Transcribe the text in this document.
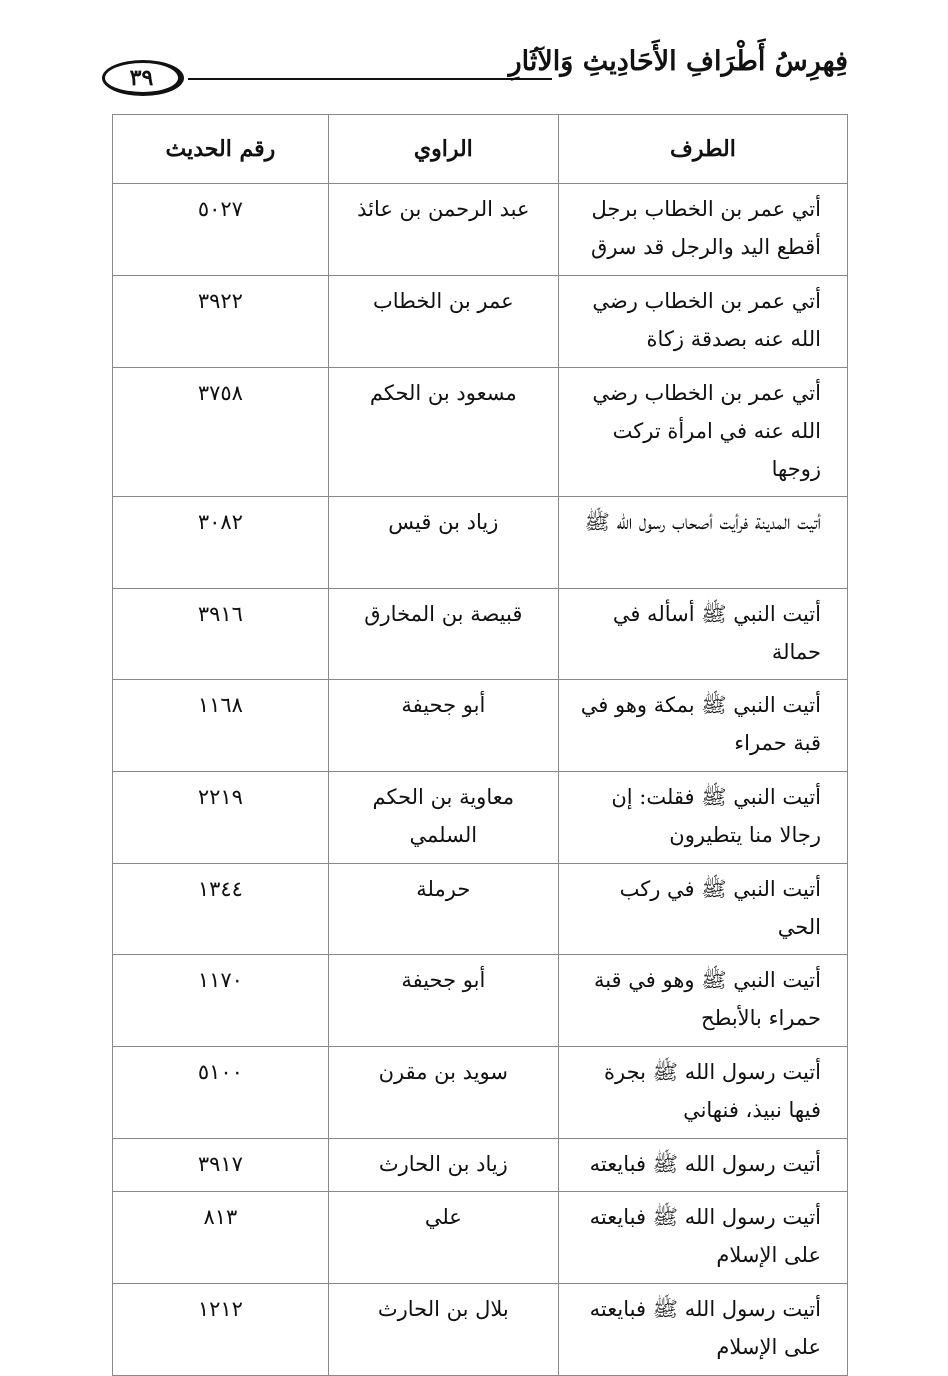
فِهرِسُ أَطْرَافِ الأَحَادِيثِ وَالآثَارِ
٣٩
الطرف	الراوي	رقم الحديث
أتي عمر بن الخطاب برجل أقطع اليد والرجل قد سرق	عبد الرحمن بن عائذ	٥٠٢٧
أتي عمر بن الخطاب رضي الله عنه بصدقة زكاة	عمر بن الخطاب	٣٩٢٢
أتي عمر بن الخطاب رضي الله عنه في امرأة تركت زوجها	مسعود بن الحكم	٣٧٥٨
أتيت المدينة فرأيت أصحاب رسول الله ﷺ	زياد بن قيس	٣٠٨٢
أتيت النبي ﷺ أسأله في حمالة	قبيصة بن المخارق	٣٩١٦
أتيت النبي ﷺ بمكة وهو في قبة حمراء	أبو جحيفة	١١٦٨
أتيت النبي ﷺ فقلت: إن رجالا منا يتطيرون	معاوية بن الحكم السلمي	٢٢١٩
أتيت النبي ﷺ في ركب الحي	حرملة	١٣٤٤
أتيت النبي ﷺ وهو في قبة حمراء بالأبطح	أبو جحيفة	١١٧٠
أتيت رسول الله ﷺ بجرة فيها نبيذ، فنهاني	سويد بن مقرن	٥١٠٠
أتيت رسول الله ﷺ فبايعته	زياد بن الحارث	٣٩١٧
أتيت رسول الله ﷺ فبايعته على الإسلام	علي	٨١٣
أتيت رسول الله ﷺ فبايعته على الإسلام	بلال بن الحارث	١٢١٢
